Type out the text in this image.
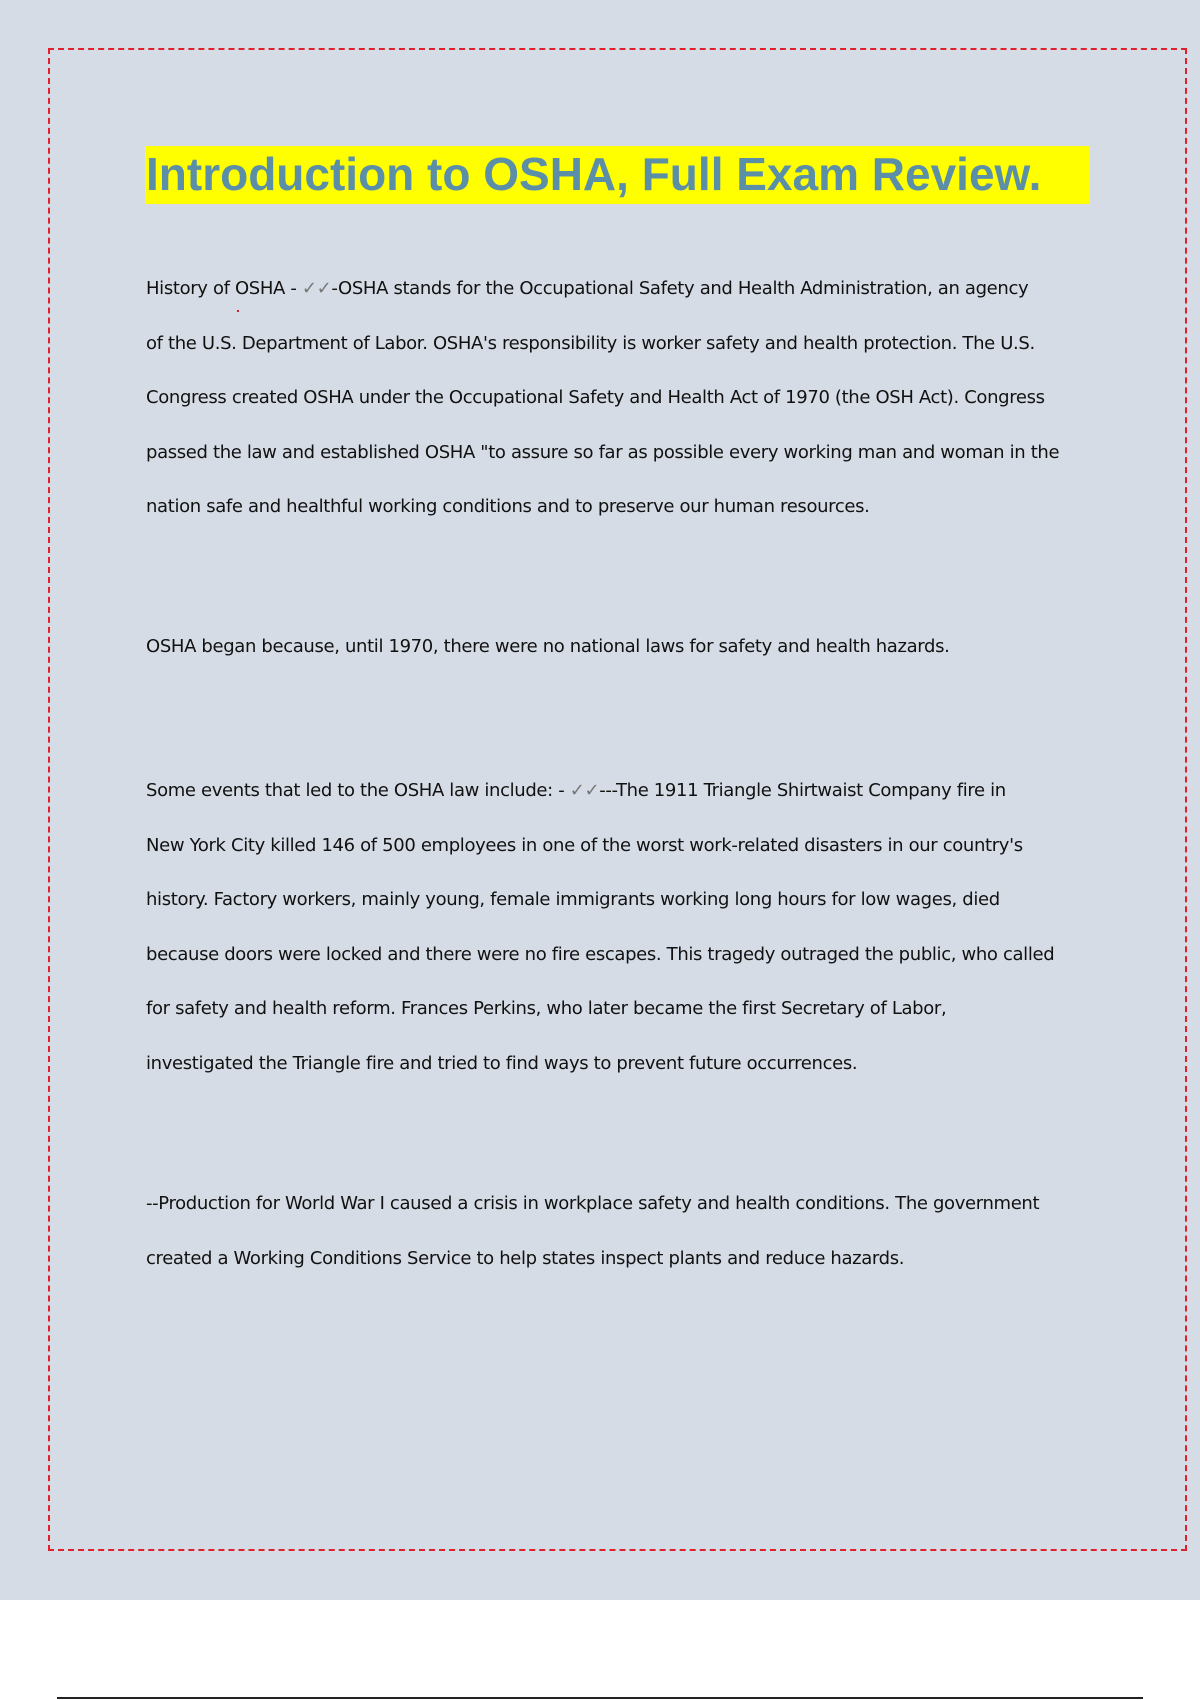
Introduction to OSHA, Full Exam Review.

History of OSHA - ✓✓-OSHA stands for the Occupational Safety and Health Administration, an agency
of the U.S. Department of Labor. OSHA's responsibility is worker safety and health protection. The U.S.
Congress created OSHA under the Occupational Safety and Health Act of 1970 (the OSH Act). Congress
passed the law and established OSHA "to assure so far as possible every working man and woman in the
nation safe and healthful working conditions and to preserve our human resources.

OSHA began because, until 1970, there were no national laws for safety and health hazards.

Some events that led to the OSHA law include: - ✓✓---The 1911 Triangle Shirtwaist Company fire in
New York City killed 146 of 500 employees in one of the worst work-related disasters in our country's
history. Factory workers, mainly young, female immigrants working long hours for low wages, died
because doors were locked and there were no fire escapes. This tragedy outraged the public, who called
for safety and health reform. Frances Perkins, who later became the first Secretary of Labor,
investigated the Triangle fire and tried to find ways to prevent future occurrences.

--Production for World War I caused a crisis in workplace safety and health conditions. The government
created a Working Conditions Service to help states inspect plants and reduce hazards.
